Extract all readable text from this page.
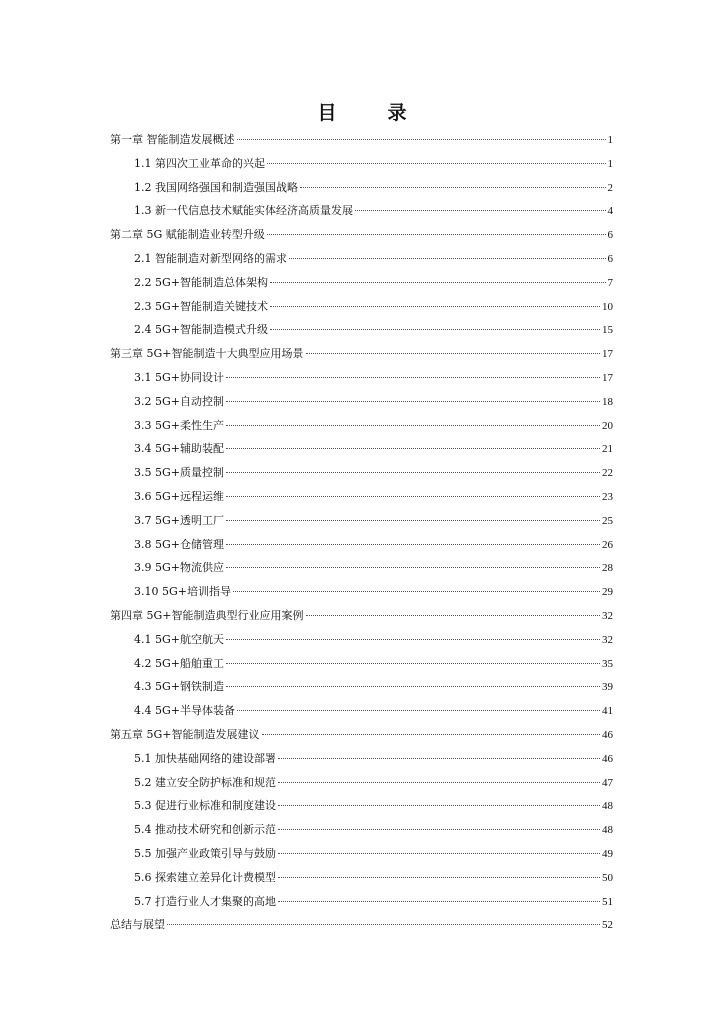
目　录
第一章 智能制造发展概述	1
1.1 第四次工业革命的兴起	1
1.2 我国网络强国和制造强国战略	2
1.3 新一代信息技术赋能实体经济高质量发展	4
第二章 5G 赋能制造业转型升级	6
2.1 智能制造对新型网络的需求	6
2.2 5G+智能制造总体架构	7
2.3 5G+智能制造关键技术	10
2.4 5G+智能制造模式升级	15
第三章 5G+智能制造十大典型应用场景	17
3.1 5G+协同设计	17
3.2 5G+自动控制	18
3.3 5G+柔性生产	20
3.4 5G+辅助装配	21
3.5 5G+质量控制	22
3.6 5G+远程运维	23
3.7 5G+透明工厂	25
3.8 5G+仓储管理	26
3.9 5G+物流供应	28
3.10 5G+培训指导	29
第四章 5G+智能制造典型行业应用案例	32
4.1 5G+航空航天	32
4.2 5G+船舶重工	35
4.3 5G+钢铁制造	39
4.4 5G+半导体装备	41
第五章 5G+智能制造发展建议	46
5.1 加快基础网络的建设部署	46
5.2 建立安全防护标准和规范	47
5.3 促进行业标准和制度建设	48
5.4 推动技术研究和创新示范	48
5.5 加强产业政策引导与鼓励	49
5.6 探索建立差异化计费模型	50
5.7 打造行业人才集聚的高地	51
总结与展望	52
